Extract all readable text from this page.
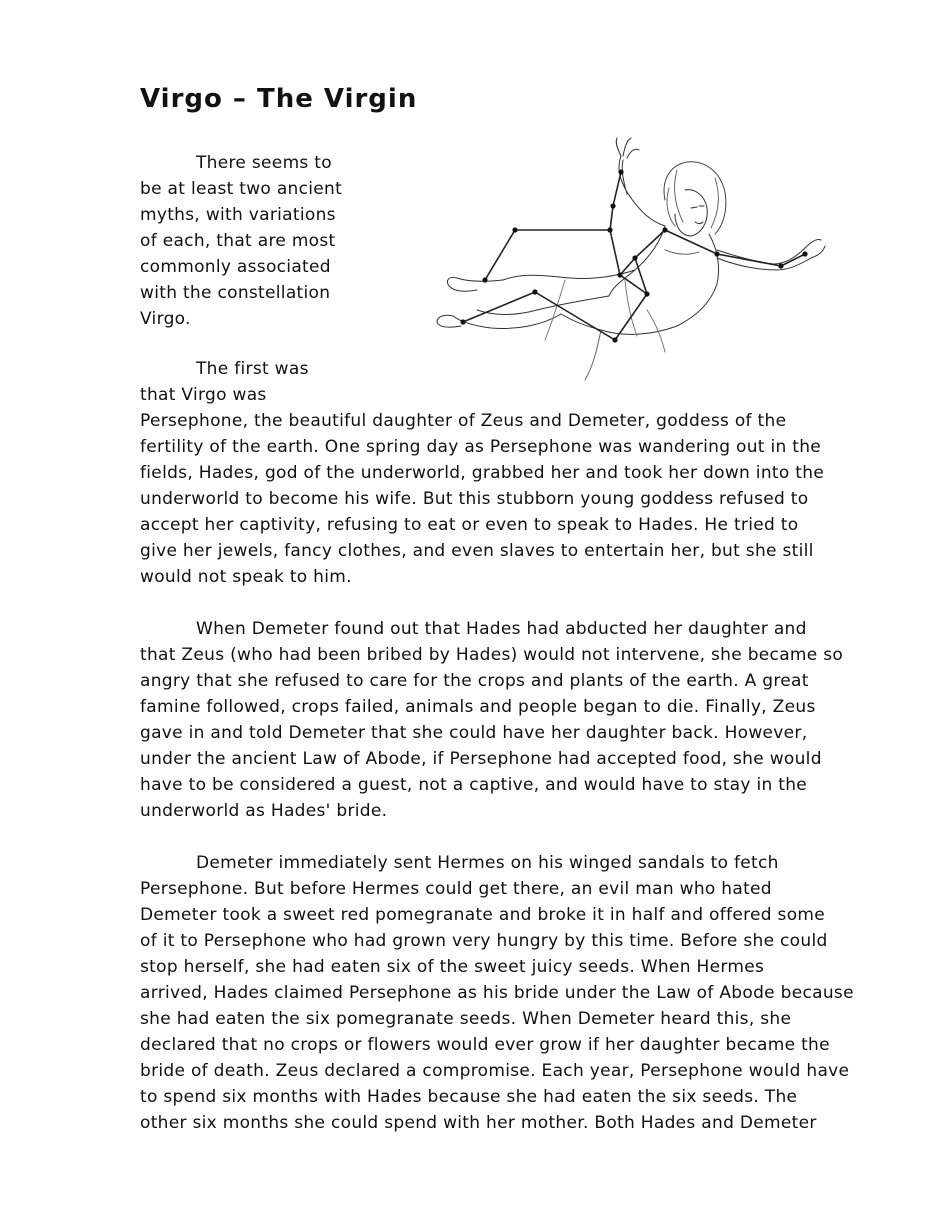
Virgo – The Virgin
There seems to
be at least two ancient
myths, with variations
of each, that are most
commonly associated
with the constellation
Virgo.
The first was
that Virgo was
Persephone, the beautiful daughter of Zeus and Demeter, goddess of the
fertility of the earth. One spring day as Persephone was wandering out in the
fields, Hades, god of the underworld, grabbed her and took her down into the
underworld to become his wife. But this stubborn young goddess refused to
accept her captivity, refusing to eat or even to speak to Hades. He tried to
give her jewels, fancy clothes, and even slaves to entertain her, but she still
would not speak to him.
When Demeter found out that Hades had abducted her daughter and
that Zeus (who had been bribed by Hades) would not intervene, she became so
angry that she refused to care for the crops and plants of the earth. A great
famine followed, crops failed, animals and people began to die. Finally, Zeus
gave in and told Demeter that she could have her daughter back. However,
under the ancient Law of Abode, if Persephone had accepted food, she would
have to be considered a guest, not a captive, and would have to stay in the
underworld as Hades' bride.
Demeter immediately sent Hermes on his winged sandals to fetch
Persephone. But before Hermes could get there, an evil man who hated
Demeter took a sweet red pomegranate and broke it in half and offered some
of it to Persephone who had grown very hungry by this time. Before she could
stop herself, she had eaten six of the sweet juicy seeds. When Hermes
arrived, Hades claimed Persephone as his bride under the Law of Abode because
she had eaten the six pomegranate seeds. When Demeter heard this, she
declared that no crops or flowers would ever grow if her daughter became the
bride of death. Zeus declared a compromise. Each year, Persephone would have
to spend six months with Hades because she had eaten the six seeds. The
other six months she could spend with her mother. Both Hades and Demeter
